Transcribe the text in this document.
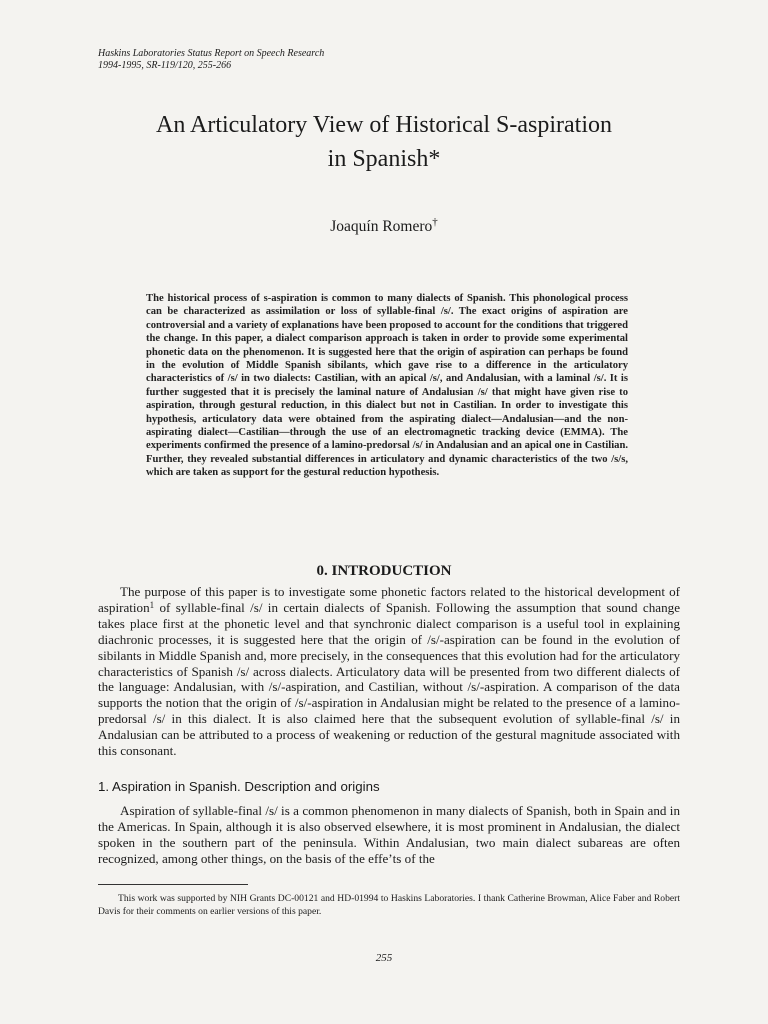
Haskins Laboratories Status Report on Speech Research
1994-1995, SR-119/120, 255-266
An Articulatory View of Historical S-aspiration
in Spanish*
Joaquín Romero†
The historical process of s-aspiration is common to many dialects of Spanish. This phonological process can be characterized as assimilation or loss of syllable-final /s/. The exact origins of aspiration are controversial and a variety of explanations have been proposed to account for the conditions that triggered the change. In this paper, a dialect comparison approach is taken in order to provide some experimental phonetic data on the phenomenon. It is suggested here that the origin of aspiration can perhaps be found in the evolution of Middle Spanish sibilants, which gave rise to a difference in the articulatory characteristics of /s/ in two dialects: Castilian, with an apical /s/, and Andalusian, with a laminal /s/. It is further suggested that it is precisely the laminal nature of Andalusian /s/ that might have given rise to aspiration, through gestural reduction, in this dialect but not in Castilian. In order to investigate this hypothesis, articulatory data were obtained from the aspirating dialect—Andalusian—and the non-aspirating dialect—Castilian—through the use of an electromagnetic tracking device (EMMA). The experiments confirmed the presence of a lamino-predorsal /s/ in Andalusian and an apical one in Castilian. Further, they revealed substantial differences in articulatory and dynamic characteristics of the two /s/s, which are taken as support for the gestural reduction hypothesis.
0. INTRODUCTION

The purpose of this paper is to investigate some phonetic factors related to the historical development of aspiration$^1$ of syllable-final /s/ in certain dialects of Spanish. Following the assumption that sound change takes place first at the phonetic level and that synchronic dialect comparison is a useful tool in explaining diachronic processes, it is suggested here that the origin of /s/-aspiration can be found in the evolution of sibilants in Middle Spanish and, more precisely, in the consequences that this evolution had for the articulatory characteristics of Spanish /s/ across dialects. Articulatory data will be presented from two different dialects of the language: Andalusian, with /s/-aspiration, and Castilian, without /s/-aspiration. A comparison of the data supports the notion that the origin of /s/-aspiration in Andalusian might be related to the presence of a lamino-predorsal /s/ in this dialect. It is also claimed here that the subsequent evolution of syllable-final /s/ in Andalusian can be attributed to a process of weakening or reduction of the gestural magnitude associated with this consonant.

1. Aspiration in Spanish. Description and origins

Aspiration of syllable-final /s/ is a common phenomenon in many dialects of Spanish, both in Spain and in the Americas. In Spain, although it is also observed elsewhere, it is most prominent in Andalusian, the dialect spoken in the southern part of the peninsula. Within Andalusian, two main dialect subareas are often recognized, among other things, on the basis of the effeʼts of the

This work was supported by NIH Grants DC-00121 and HD-01994 to Haskins Laboratories. I thank Catherine Browman, Alice Faber and Robert Davis for their comments on earlier versions of this paper.
255
